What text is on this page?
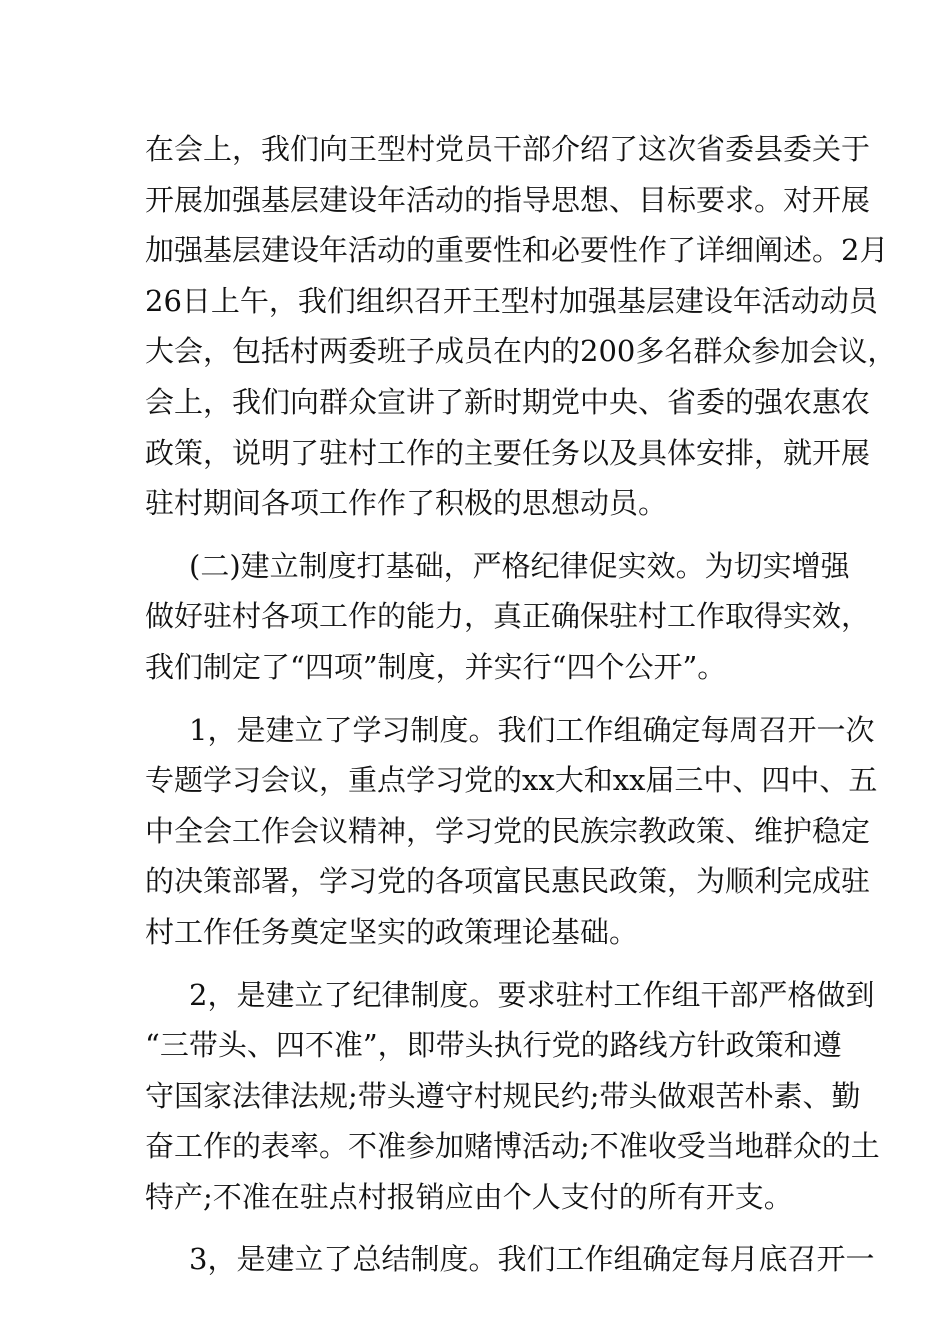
在会上，我们向王型村党员干部介绍了这次省委县委关于
开展加强基层建设年活动的指导思想、目标要求。对开展
加强基层建设年活动的重要性和必要性作了详细阐述。2月
26日上午，我们组织召开王型村加强基层建设年活动动员
大会，包括村两委班子成员在内的200多名群众参加会议，
会上，我们向群众宣讲了新时期党中央、省委的强农惠农
政策，说明了驻村工作的主要任务以及具体安排，就开展
驻村期间各项工作作了积极的思想动员。
(二)建立制度打基础，严格纪律促实效。为切实增强
做好驻村各项工作的能力，真正确保驻村工作取得实效，
我们制定了“四项”制度，并实行“四个公开”。
1，是建立了学习制度。我们工作组确定每周召开一次
专题学习会议，重点学习党的xx大和xx届三中、四中、五
中全会工作会议精神，学习党的民族宗教政策、维护稳定
的决策部署，学习党的各项富民惠民政策，为顺利完成驻
村工作任务奠定坚实的政策理论基础。
2，是建立了纪律制度。要求驻村工作组干部严格做到
“三带头、四不准”，即带头执行党的路线方针政策和遵
守国家法律法规;带头遵守村规民约;带头做艰苦朴素、勤
奋工作的表率。不准参加赌博活动;不准收受当地群众的土
特产;不准在驻点村报销应由个人支付的所有开支。
3，是建立了总结制度。我们工作组确定每月底召开一
